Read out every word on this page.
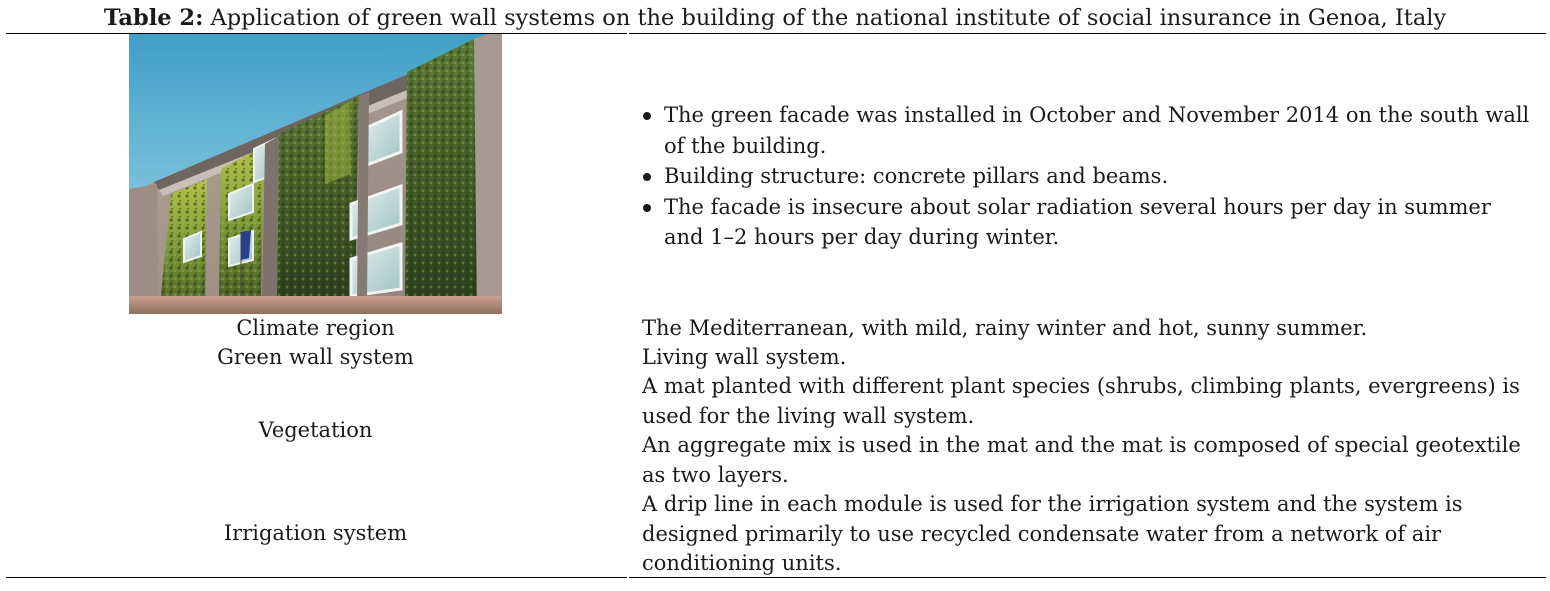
Table 2: Application of green wall systems on the building of the national institute of social insurance in Genoa, Italy
The green facade was installed in October and November 2014 on the south wall of the building.
Building structure: concrete pillars and beams.
The facade is insecure about solar radiation several hours per day in summer and 1–2 hours per day during winter.
Climate region	The Mediterranean, with mild, rainy winter and hot, sunny summer.
Green wall system	Living wall system.
Vegetation
A mat planted with different plant species (shrubs, climbing plants, evergreens) is used for the living wall system.
An aggregate mix is used in the mat and the mat is composed of special geotextile as two layers.
Irrigation system
A drip line in each module is used for the irrigation system and the system is designed primarily to use recycled condensate water from a network of air conditioning units.
